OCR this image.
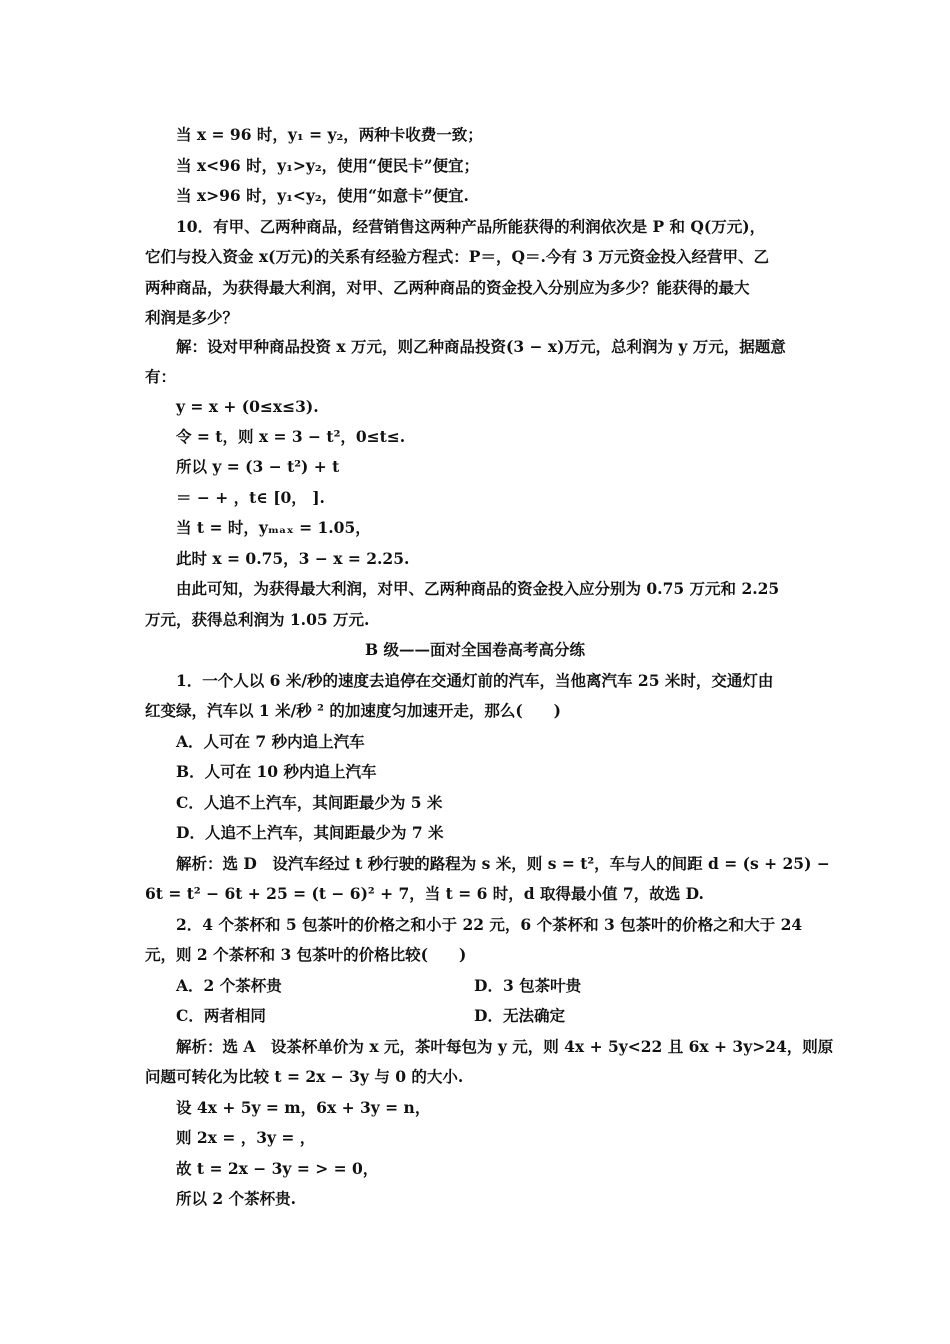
当 x = 96 时，y₁ = y₂，两种卡收费一致；
当 x<96 时，y₁>y₂，使用“便民卡”便宜；
当 x>96 时，y₁<y₂，使用“如意卡”便宜.
10．有甲、乙两种商品，经营销售这两种产品所能获得的利润依次是 P 和 Q(万元)，
它们与投入资金 x(万元)的关系有经验方程式：P＝，Q＝.今有 3 万元资金投入经营甲、乙
两种商品，为获得最大利润，对甲、乙两种商品的资金投入分别应为多少？能获得的最大
利润是多少？
解：设对甲种商品投资 x 万元，则乙种商品投资(3 − x)万元，总利润为 y 万元，据题意
有：
y = x + (0≤x≤3).
令 = t，则 x = 3 − t²，0≤t≤.
所以 y = (3 − t²) + t
＝ − + ，t∈ [0， ].
当 t = 时，yₘₐₓ = 1.05，
此时 x = 0.75，3 − x = 2.25.
由此可知，为获得最大利润，对甲、乙两种商品的资金投入应分别为 0.75 万元和 2.25
万元，获得总利润为 1.05 万元.
B 级——面对全国卷高考高分练
1．一个人以 6 米/秒的速度去追停在交通灯前的汽车，当他离汽车 25 米时，交通灯由
红变绿，汽车以 1 米/秒 ² 的加速度匀加速开走，那么(　　)
A．人可在 7 秒内追上汽车
B．人可在 10 秒内追上汽车
C．人追不上汽车，其间距最少为 5 米
D．人追不上汽车，其间距最少为 7 米
解析：选 D　设汽车经过 t 秒行驶的路程为 s 米，则 s = t²，车与人的间距 d = (s + 25) −
6t = t² − 6t + 25 = (t − 6)² + 7，当 t = 6 时，d 取得最小值 7，故选 D.
2．4 个茶杯和 5 包茶叶的价格之和小于 22 元，6 个茶杯和 3 包茶叶的价格之和大于 24
元，则 2 个茶杯和 3 包茶叶的价格比较(　　)
A．2 个茶杯贵	D．3 包茶叶贵
C．两者相同	D．无法确定
解析：选 A　设茶杯单价为 x 元，茶叶每包为 y 元，则 4x + 5y<22 且 6x + 3y>24，则原
问题可转化为比较 t = 2x − 3y 与 0 的大小.
设 4x + 5y = m，6x + 3y = n，
则 2x = ，3y = ，
故 t = 2x − 3y = > = 0，
所以 2 个茶杯贵.
